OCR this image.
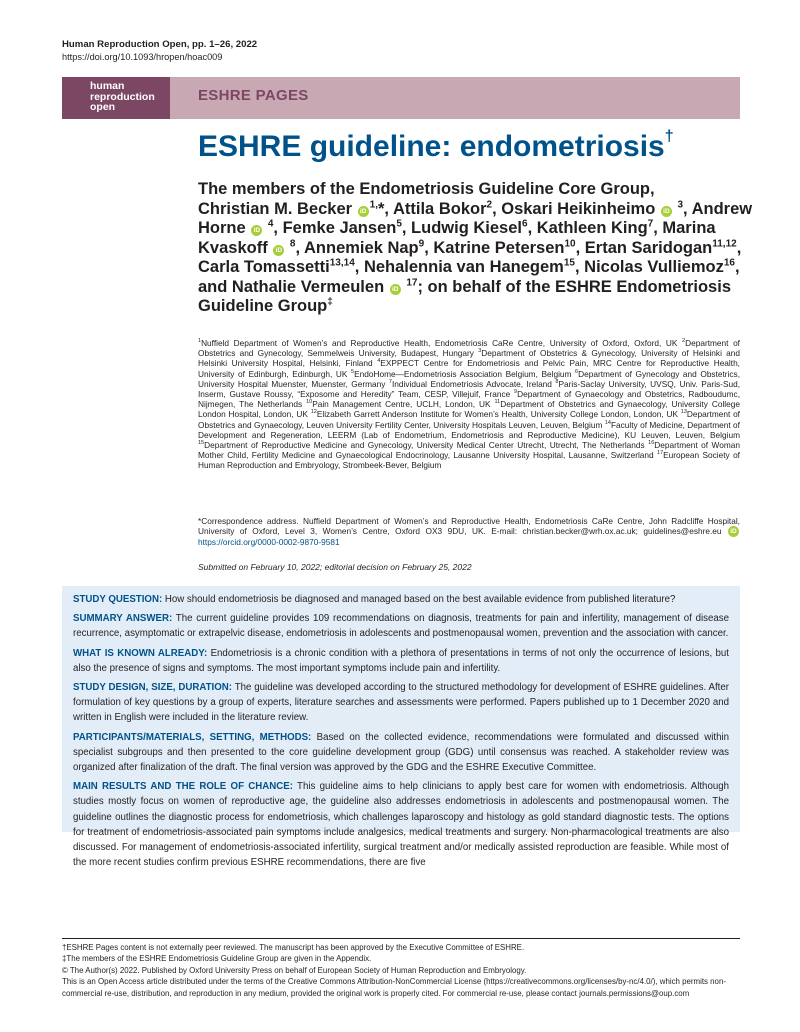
Human Reproduction Open, pp. 1–26, 2022
https://doi.org/10.1093/hropen/hoac009
human
reproduction
open
ESHRE PAGES
ESHRE guideline: endometriosis†
The members of the Endometriosis Guideline Core Group,
Christian M. Becker $iD^{1,}*$, Attila Bokor$^2$, Oskari Heikinheimo iD $^3$, Andrew Horne iD $^4$, Femke Jansen$^5$, Ludwig Kiesel$^6$, Kathleen King$^7$, Marina Kvaskoff iD $^8$, Annemiek Nap$^9$, Katrine Petersen$^{10}$, Ertan Saridogan$^{11,12}$, Carla Tomassetti$^{13,14}$, Nehalennia van Hanegem$^{15}$, Nicolas Vulliemoz$^{16}$, and Nathalie Vermeulen iD $^{17}$; on behalf of the ESHRE Endometriosis Guideline Group‡
$^1$Nuffield Department of Women’s and Reproductive Health, Endometriosis CaRe Centre, University of Oxford, Oxford, UK $^2$Department of Obstetrics and Gynecology, Semmelweis University, Budapest, Hungary $^3$Department of Obstetrics & Gynecology, University of Helsinki and Helsinki University Hospital, Helsinki, Finland $^4$EXPPECT Centre for Endometriosis and Pelvic Pain, MRC Centre for Reproductive Health, University of Edinburgh, Edinburgh, UK $^5$EndoHome—Endometriosis Association Belgium, Belgium $^6$Department of Gynecology and Obstetrics, University Hospital Muenster, Muenster, Germany $^7$Individual Endometriosis Advocate, Ireland $^8$Paris-Saclay University, UVSQ, Univ. Paris-Sud, Inserm, Gustave Roussy, “Exposome and Heredity” Team, CESP, Villejuif, France $^9$Department of Gynaecology and Obstetrics, Radboudumc, Nijmegen, The Netherlands $^{10}$Pain Management Centre, UCLH, London, UK $^{11}$Department of Obstetrics and Gynaecology, University College London Hospital, London, UK $^{12}$Elizabeth Garrett Anderson Institute for Women’s Health, University College London, London, UK $^{13}$Department of Obstetrics and Gynaecology, Leuven University Fertility Center, University Hospitals Leuven, Leuven, Belgium $^{14}$Faculty of Medicine, Department of Development and Regeneration, LEERM (Lab of Endometrium, Endometriosis and Reproductive Medicine), KU Leuven, Leuven, Belgium $^{15}$Department of Reproductive Medicine and Gynecology, University Medical Center Utrecht, Utrecht, The Netherlands $^{16}$Department of Woman Mother Child, Fertility Medicine and Gynaecological Endocrinology, Lausanne University Hospital, Lausanne, Switzerland $^{17}$European Society of Human Reproduction and Embryology, Strombeek-Bever, Belgium
*Correspondence address. Nuffield Department of Women’s and Reproductive Health, Endometriosis CaRe Centre, John Radcliffe Hospital, University of Oxford, Level 3, Women’s Centre, Oxford OX3 9DU, UK. E-mail: christian.becker@wrh.ox.ac.uk; guidelines@eshre.eu iD https://orcid.org/0000-0002-9870-9581
Submitted on February 10, 2022; editorial decision on February 25, 2022

STUDY QUESTION: How should endometriosis be diagnosed and managed based on the best available evidence from published literature?

SUMMARY ANSWER: The current guideline provides 109 recommendations on diagnosis, treatments for pain and infertility, management of disease recurrence, asymptomatic or extrapelvic disease, endometriosis in adolescents and postmenopausal women, prevention and the association with cancer.

WHAT IS KNOWN ALREADY: Endometriosis is a chronic condition with a plethora of presentations in terms of not only the occurrence of lesions, but also the presence of signs and symptoms. The most important symptoms include pain and infertility.

STUDY DESIGN, SIZE, DURATION: The guideline was developed according to the structured methodology for development of ESHRE guidelines. After formulation of key questions by a group of experts, literature searches and assessments were performed. Papers published up to 1 December 2020 and written in English were included in the literature review.

PARTICIPANTS/MATERIALS, SETTING, METHODS: Based on the collected evidence, recommendations were formulated and discussed within specialist subgroups and then presented to the core guideline development group (GDG) until consensus was reached. A stakeholder review was organized after finalization of the draft. The final version was approved by the GDG and the ESHRE Executive Committee.

MAIN RESULTS AND THE ROLE OF CHANCE: This guideline aims to help clinicians to apply best care for women with endometriosis. Although studies mostly focus on women of reproductive age, the guideline also addresses endometriosis in adolescents and postmenopausal women. The guideline outlines the diagnostic process for endometriosis, which challenges laparoscopy and histology as gold standard diagnostic tests. The options for treatment of endometriosis-associated pain symptoms include analgesics, medical treatments and surgery. Non-pharmacological treatments are also discussed. For management of endometriosis-associated infertility, surgical treatment and/or medically assisted reproduction are feasible. While most of the more recent studies confirm previous ESHRE recommendations, there are five

†ESHRE Pages content is not externally peer reviewed. The manuscript has been approved by the Executive Committee of ESHRE.

‡The members of the ESHRE Endometriosis Guideline Group are given in the Appendix.

© The Author(s) 2022. Published by Oxford University Press on behalf of European Society of Human Reproduction and Embryology.

This is an Open Access article distributed under the terms of the Creative Commons Attribution-NonCommercial License (https://creativecommons.org/licenses/by-nc/4.0/), which permits non-commercial re-use, distribution, and reproduction in any medium, provided the original work is properly cited. For commercial re-use, please contact journals.permissions@oup.com
